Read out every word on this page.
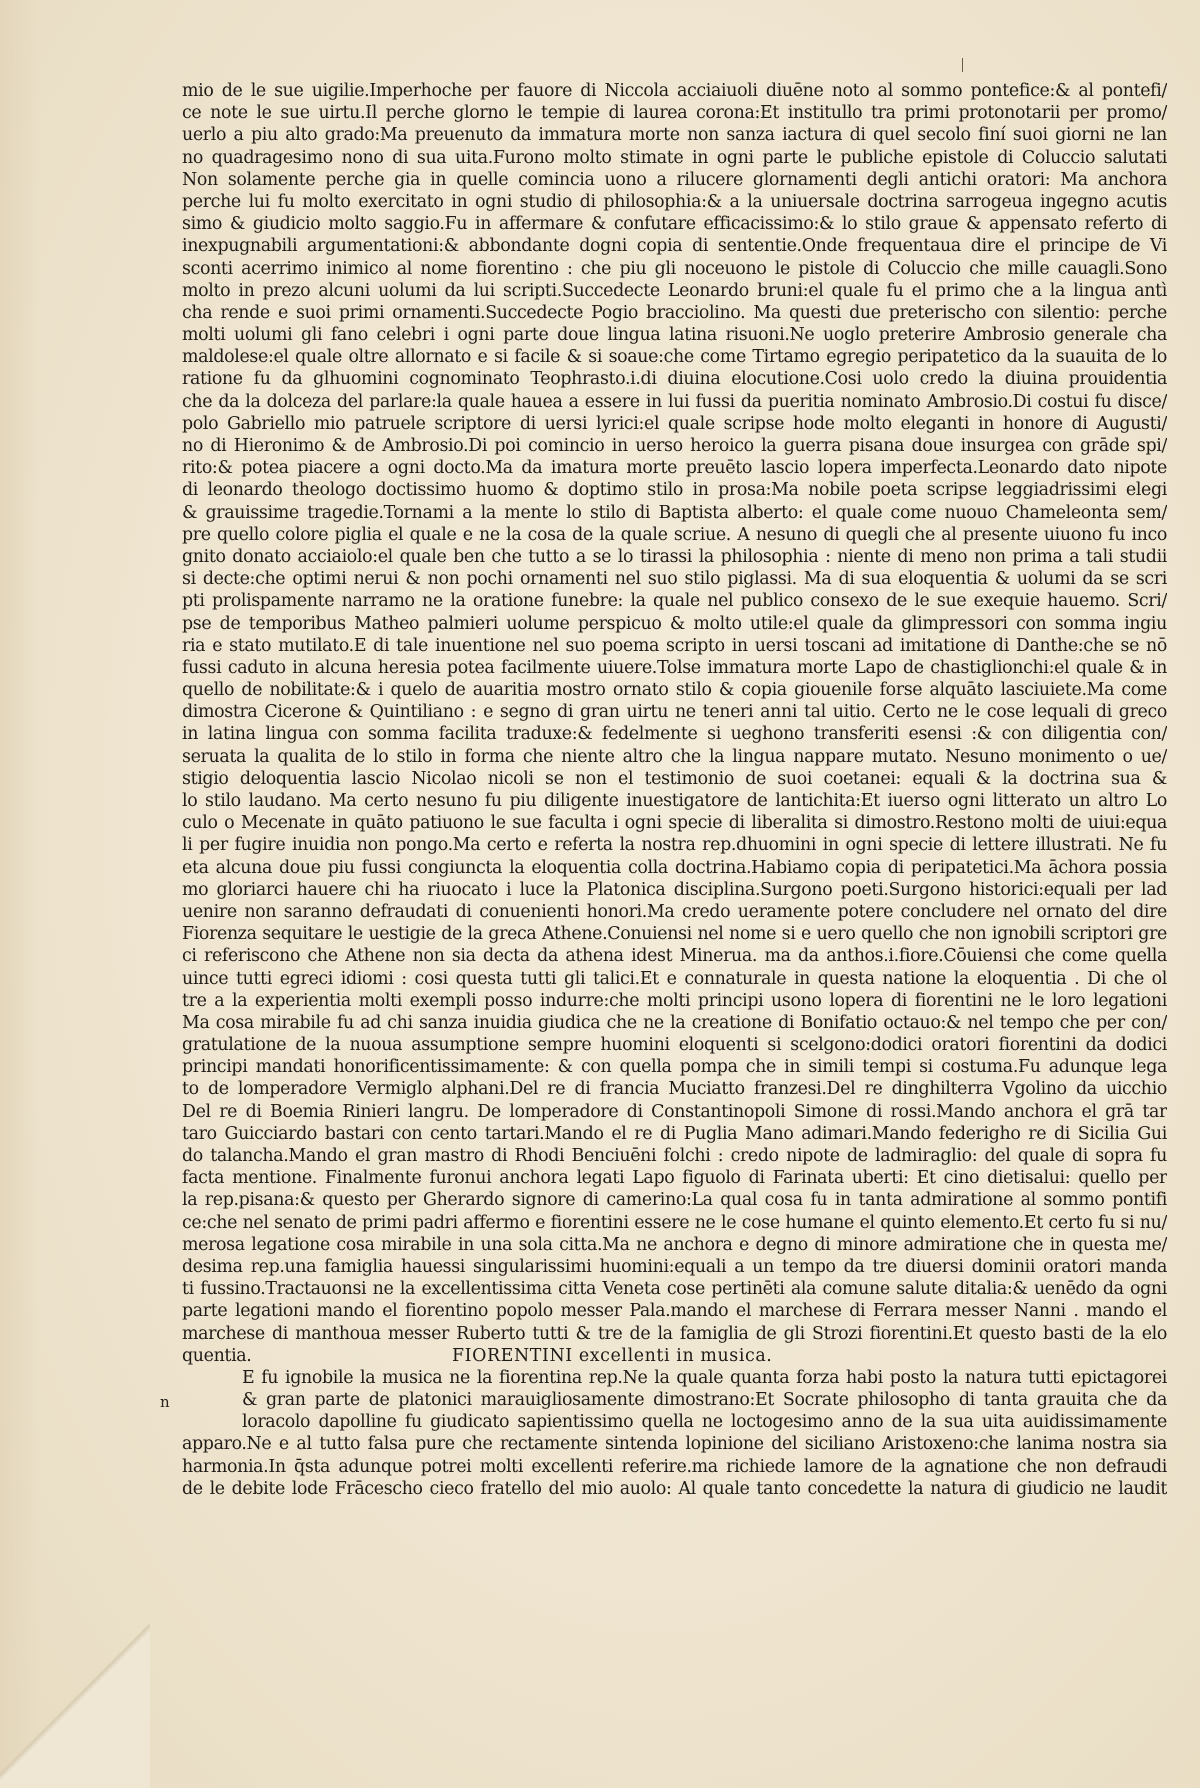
mio de le sue uigilie.Imperhoche per fauore di Niccola acciaiuoli diuēne noto al sommo pontefice:& al pontefi/
ce note le sue uirtu.Il perche glorno le tempie di laurea corona:Et institullo tra primi protonotarii per promo/
uerlo a piu alto grado:Ma preuenuto da immatura morte non sanza iactura di quel secolo finí suoi giorni ne lan
no quadragesimo nono di sua uita.Furono molto stimate in ogni parte le publiche epistole di Coluccio salutati
Non solamente perche gia in quelle comincia uono a rilucere glornamenti degli antichi oratori: Ma anchora
perche lui fu molto exercitato in ogni studio di philosophia:& a la uniuersale doctrina sarrogeua ingegno acutis
simo & giudicio molto saggio.Fu in affermare & confutare efficacissimo:& lo stilo graue & appensato referto di
inexpugnabili argumentationi:& abbondante dogni copia di sententie.Onde frequentaua dire el principe de Vi
sconti acerrimo inimico al nome fiorentino : che piu gli noceuono le pistole di Coluccio che mille cauagli.Sono
molto in prezo alcuni uolumi da lui scripti.Succedecte Leonardo bruni:el quale fu el primo che a la lingua antì
cha rende e suoi primi ornamenti.Succedecte Pogio bracciolino. Ma questi due preterischo con silentio: perche
molti uolumi gli fano celebri i ogni parte doue lingua latina risuoni.Ne uoglo preterire Ambrosio generale cha
maldolese:el quale oltre allornato e si facile & si soaue:che come Tirtamo egregio peripatetico da la suauita de lo
ratione fu da glhuomini cognominato Teophrasto.i.di diuina elocutione.Cosi uolo credo la diuina prouidentia
che da la dolceza del parlare:la quale hauea a essere in lui fussi da pueritia nominato Ambrosio.Di costui fu disce/
polo Gabriello mio patruele scriptore di uersi lyrici:el quale scripse hode molto eleganti in honore di Augusti/
no di Hieronimo & de Ambrosio.Di poi comincio in uerso heroico la guerra pisana doue insurgea con grāde spi/
rito:& potea piacere a ogni docto.Ma da imatura morte preuēto lascio lopera imperfecta.Leonardo dato nipote
di leonardo theologo doctissimo huomo & doptimo stilo in prosa:Ma nobile poeta scripse leggiadrissimi elegi
& grauissime tragedie.Tornami a la mente lo stilo di Baptista alberto: el quale come nuouo Chameleonta sem/
pre quello colore piglia el quale e ne la cosa de la quale scriue. A nesuno di quegli che al presente uiuono fu inco
gnito donato acciaiolo:el quale ben che tutto a se lo tirassi la philosophia : niente di meno non prima a tali studii
si decte:che optimi nerui & non pochi ornamenti nel suo stilo piglassi. Ma di sua eloquentia & uolumi da se scri
pti prolispamente narramo ne la oratione funebre: la quale nel publico consexo de le sue exequie hauemo. Scri/
pse de temporibus Matheo palmieri uolume perspicuo & molto utile:el quale da glimpressori con somma ingiu
ria e stato mutilato.E di tale inuentione nel suo poema scripto in uersi toscani ad imitatione di Danthe:che se nō
fussi caduto in alcuna heresia potea facilmente uiuere.Tolse immatura morte Lapo de chastiglionchi:el quale & in
quello de nobilitate:& i quelo de auaritia mostro ornato stilo & copia giouenile forse alquāto lasciuiete.Ma come
dimostra Cicerone & Quintiliano : e segno di gran uirtu ne teneri anni tal uitio. Certo ne le cose lequali di greco
in latina lingua con somma facilita traduxe:& fedelmente si ueghono transferiti esensi :& con diligentia con/
seruata la qualita de lo stilo in forma che niente altro che la lingua nappare mutato. Nesuno monimento o ue/
stigio deloquentia lascio Nicolao nicoli se non el testimonio de suoi coetanei: equali & la doctrina sua &
lo stilo laudano. Ma certo nesuno fu piu diligente inuestigatore de lantichita:Et iuerso ogni litterato un altro Lo
culo o Mecenate in quāto patiuono le sue faculta i ogni specie di liberalita si dimostro.Restono molti de uiui:equa
li per fugire inuidia non pongo.Ma certo e referta la nostra rep.dhuomini in ogni specie di lettere illustrati. Ne fu
eta alcuna doue piu fussi congiuncta la eloquentia colla doctrina.Habiamo copia di peripatetici.Ma āchora possia
mo gloriarci hauere chi ha riuocato i luce la Platonica disciplina.Surgono poeti.Surgono historici:equali per lad
uenire non saranno defraudati di conuenienti honori.Ma credo ueramente potere concludere nel ornato del dire
Fiorenza sequitare le uestigie de la greca Athene.Conuiensi nel nome si e uero quello che non ignobili scriptori gre
ci referiscono che Athene non sia decta da athena idest Minerua. ma da anthos.i.fiore.Cōuiensi che come quella
uince tutti egreci idiomi : cosi questa tutti gli talici.Et e connaturale in questa natione la eloquentia . Di che ol
tre a la experientia molti exempli posso indurre:che molti principi usono lopera di fiorentini ne le loro legationi
Ma cosa mirabile fu ad chi sanza inuidia giudica che ne la creatione di Bonifatio octauo:& nel tempo che per con/
gratulatione de la nuoua assumptione sempre huomini eloquenti si scelgono:dodici oratori fiorentini da dodici
principi mandati honorificentissimamente: & con quella pompa che in simili tempi si costuma.Fu adunque lega
to de lomperadore Vermiglo alphani.Del re di francia Muciatto franzesi.Del re dinghilterra Vgolino da uicchio
Del re di Boemia Rinieri langru. De lomperadore di Constantinopoli Simone di rossi.Mando anchora el grā tar
taro Guicciardo bastari con cento tartari.Mando el re di Puglia Mano adimari.Mando federigho re di Sicilia Gui
do talancha.Mando el gran mastro di Rhodi Benciuēni folchi : credo nipote de ladmiraglio: del quale di sopra fu
facta mentione. Finalmente furonui anchora legati Lapo figuolo di Farinata uberti: Et cino dietisalui: quello per
la rep.pisana:& questo per Gherardo signore di camerino:La qual cosa fu in tanta admiratione al sommo pontifi
ce:che nel senato de primi padri affermo e fiorentini essere ne le cose humane el quinto elemento.Et certo fu si nu/
merosa legatione cosa mirabile in una sola citta.Ma ne anchora e degno di minore admiratione che in questa me/
desima rep.una famiglia hauessi singularissimi huomini:equali a un tempo da tre diuersi dominii oratori manda
ti fussino.Tractauonsi ne la excellentissima citta Veneta cose pertinēti ala comune salute ditalia:& uenēdo da ogni
parte legationi mando el fiorentino popolo messer Pala.mando el marchese di Ferrara messer Nanni . mando el
marchese di manthoua messer Ruberto tutti & tre de la famiglia de gli Strozi fiorentini.Et questo basti de la elo
quentia.	FIORENTINI excellenti in musica.
n
E fu ignobile la musica ne la fiorentina rep.Ne la quale quanta forza habi posto la natura tutti epictagorei
& gran parte de platonici marauigliosamente dimostrano:Et Socrate philosopho di tanta grauita che da
loracolo dapolline fu giudicato sapientissimo quella ne loctogesimo anno de la sua uita auidissimamente
apparo.Ne e al tutto falsa pure che rectamente sintenda lopinione del siciliano Aristoxeno:che lanima nostra sia
harmonia.In q̄sta adunque potrei molti excellenti referire.ma richiede lamore de la agnatione che non defraudi
de le debite lode Frācescho cieco fratello del mio auolo: Al quale tanto concedette la natura di giudicio ne laudit
